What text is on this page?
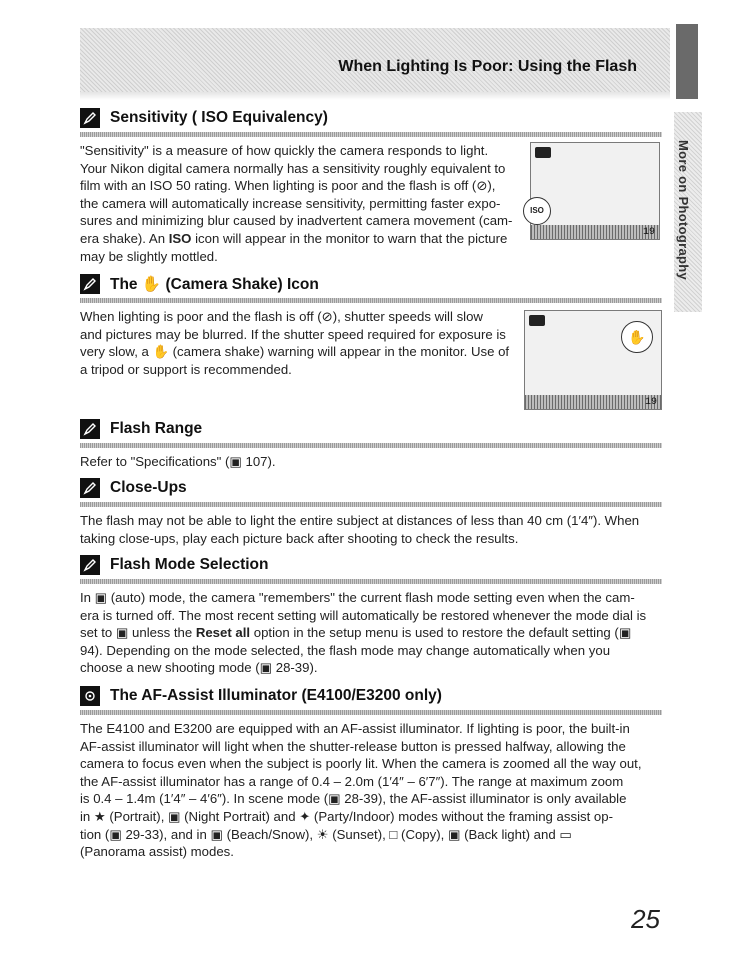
When Lighting Is Poor: Using the Flash
More on Photography
Sensitivity ( ISO Equivalency)
"Sensitivity" is a measure of how quickly the camera responds to light.
Your Nikon digital camera normally has a sensitivity roughly equivalent to
film with an ISO 50 rating. When lighting is poor and the flash is off (⊘),
the camera will automatically increase sensitivity, permitting faster expo-
sures and minimizing blur caused by inadvertent camera movement (cam-
era shake). An ISO icon will appear in the monitor to warn that the picture
may be slightly mottled.
ISO
19
The ✋ (Camera Shake) Icon
When lighting is poor and the flash is off (⊘), shutter speeds will slow
and pictures may be blurred. If the shutter speed required for exposure is
very slow, a ✋ (camera shake) warning will appear in the monitor. Use of
a tripod or support is recommended.
✋
19
Flash Range
Refer to "Specifications" (▣ 107).
Close-Ups
The flash may not be able to light the entire subject at distances of less than 40 cm (1′4″). When
taking close-ups, play each picture back after shooting to check the results.
Flash Mode Selection
In ▣ (auto) mode, the camera "remembers" the current flash mode setting even when the cam-
era is turned off. The most recent setting will automatically be restored whenever the mode dial is
set to ▣ unless the Reset all option in the setup menu is used to restore the default setting (▣
94). Depending on the mode selected, the flash mode may change automatically when you
choose a new shooting mode (▣ 28-39).
The AF-Assist Illuminator (E4100/E3200 only)
The E4100 and E3200 are equipped with an AF-assist illuminator. If lighting is poor, the built-in
AF-assist illuminator will light when the shutter-release button is pressed halfway, allowing the
camera to focus even when the subject is poorly lit. When the camera is zoomed all the way out,
the AF-assist illuminator has a range of 0.4 – 2.0m (1′4″ – 6′7″). The range at maximum zoom
is 0.4 – 1.4m (1′4″ – 4′6″). In scene mode (▣ 28-39), the AF-assist illuminator is only available
in ★ (Portrait), ▣ (Night Portrait) and ✦ (Party/Indoor) modes without the framing assist op-
tion (▣ 29-33), and in ▣ (Beach/Snow), ☀ (Sunset), □ (Copy), ▣ (Back light) and ▭
(Panorama assist) modes.
25
